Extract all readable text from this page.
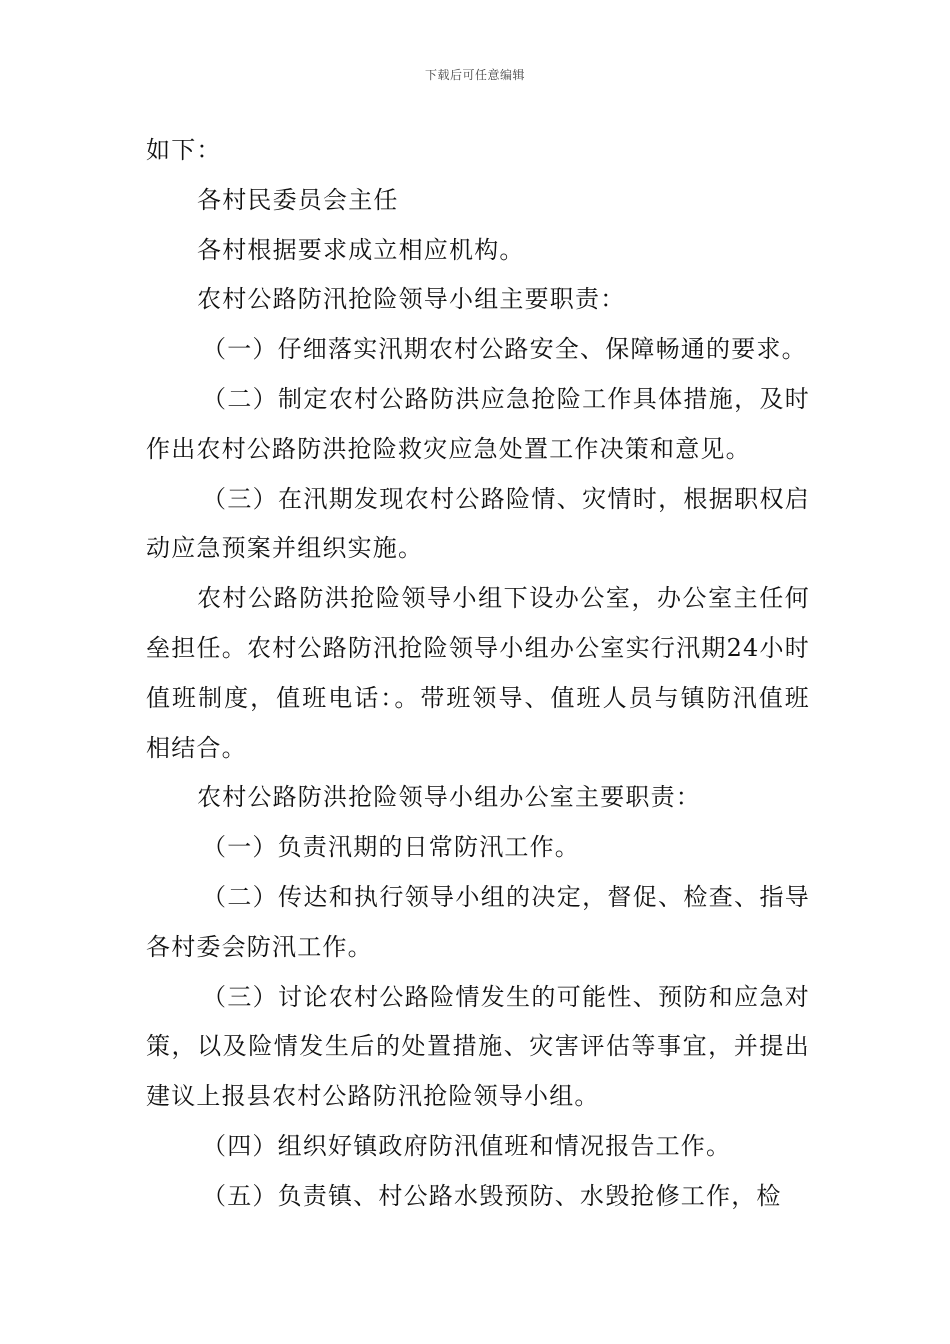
下载后可任意编辑

如下：

各村民委员会主任

各村根据要求成立相应机构。

农村公路防汛抢险领导小组主要职责：

（一）仔细落实汛期农村公路安全、保障畅通的要求。

（二）制定农村公路防洪应急抢险工作具体措施，及时作出农村公路防洪抢险救灾应急处置工作决策和意见。

（三）在汛期发现农村公路险情、灾情时，根据职权启动应急预案并组织实施。

农村公路防洪抢险领导小组下设办公室，办公室主任何垒担任。农村公路防汛抢险领导小组办公室实行汛期24小时值班制度，值班电话：。带班领导、值班人员与镇防汛值班相结合。

农村公路防洪抢险领导小组办公室主要职责：

（一）负责汛期的日常防汛工作。

（二）传达和执行领导小组的决定，督促、检查、指导各村委会防汛工作。

（三）讨论农村公路险情发生的可能性、预防和应急对策，以及险情发生后的处置措施、灾害评估等事宜，并提出建议上报县农村公路防汛抢险领导小组。

（四）组织好镇政府防汛值班和情况报告工作。

（五）负责镇、村公路水毁预防、水毁抢修工作，检
